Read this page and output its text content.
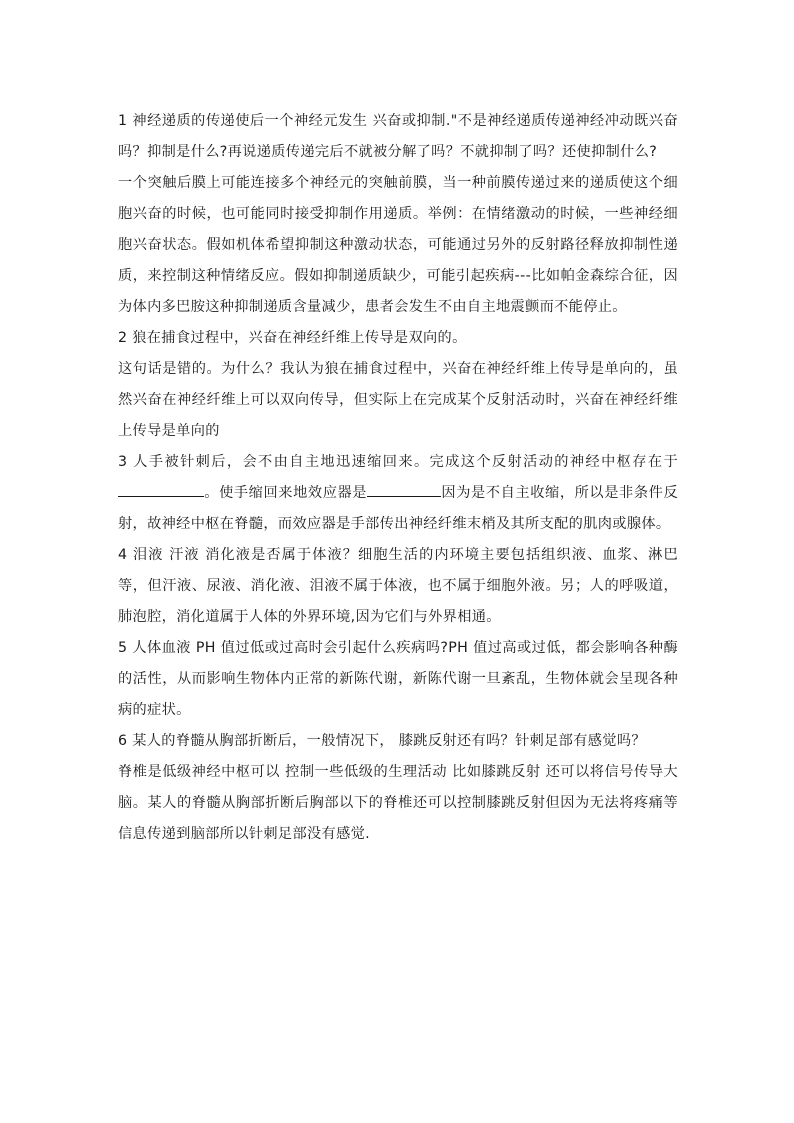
1 神经递质的传递使后一个神经元发生 兴奋或抑制."不是神经递质传递神经冲动既兴奋吗？抑制是什么?再说递质传递完后不就被分解了吗？不就抑制了吗？还使抑制什么?

一个突触后膜上可能连接多个神经元的突触前膜，当一种前膜传递过来的递质使这个细胞兴奋的时候，也可能同时接受抑制作用递质。举例：在情绪激动的时候，一些神经细胞兴奋状态。假如机体希望抑制这种激动状态，可能通过另外的反射路径释放抑制性递质，来控制这种情绪反应。假如抑制递质缺少，可能引起疾病---比如帕金森综合征，因为体内多巴胺这种抑制递质含量减少，患者会发生不由自主地震颤而不能停止。

2 狼在捕食过程中，兴奋在神经纤维上传导是双向的。

这句话是错的。为什么？我认为狼在捕食过程中，兴奋在神经纤维上传导是单向的，虽然兴奋在神经纤维上可以双向传导，但实际上在完成某个反射活动时，兴奋在神经纤维上传导是单向的

3 人手被针刺后，会不由自主地迅速缩回来。完成这个反射活动的神经中枢存在于。使手缩回来地效应器是	因为是不自主收缩，所以是非条件反射，故神经中枢在脊髓，而效应器是手部传出神经纤维末梢及其所支配的肌肉或腺体。

4 泪液 汗液 消化液是否属于体液？细胞生活的内环境主要包括组织液、血浆、淋巴等，但汗液、尿液、消化液、泪液不属于体液，也不属于细胞外液。另；人的呼吸道，肺泡腔，消化道属于人体的外界环境,因为它们与外界相通。

5 人体血液 PH 值过低或过高时会引起什么疾病吗?PH 值过高或过低，都会影响各种酶的活性，从而影响生物体内正常的新陈代谢，新陈代谢一旦紊乱，生物体就会呈现各种病的症状。

6 某人的脊髓从胸部折断后，一般情况下， 膝跳反射还有吗？针刺足部有感觉吗？

脊椎是低级神经中枢可以 控制一些低级的生理活动 比如膝跳反射 还可以将信号传导大脑。某人的脊髓从胸部折断后胸部以下的脊椎还可以控制膝跳反射但因为无法将疼痛等信息传递到脑部所以针刺足部没有感觉.
